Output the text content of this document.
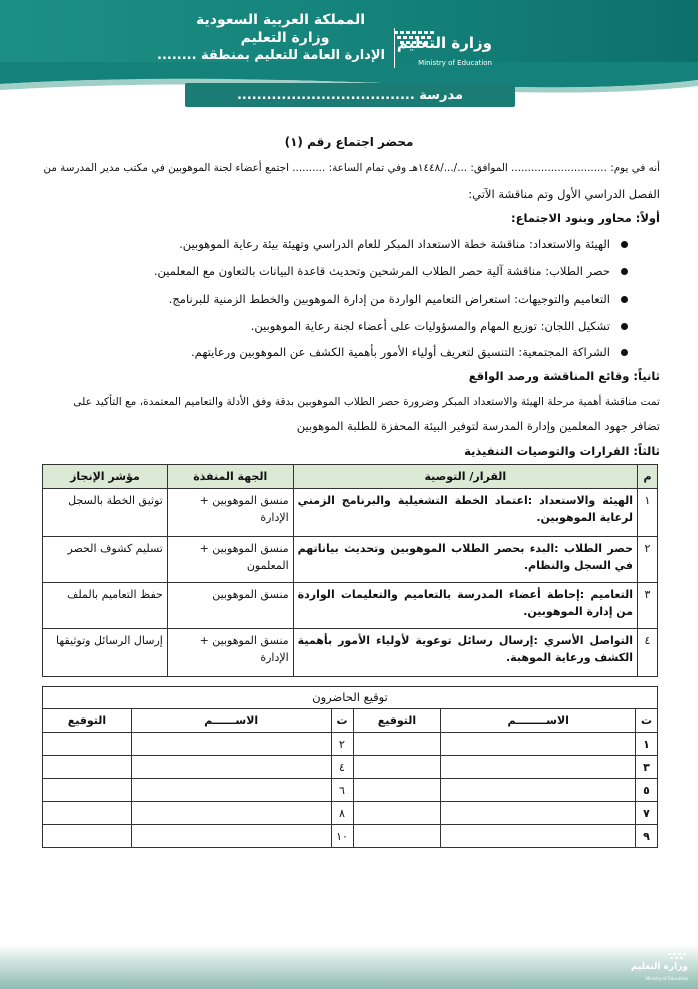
المملكة العربية السعودية
وزارة التعليم
الإدارة العامة للتعليم بمنطقة ........
وزارة التعليم
Ministry of Education
مدرسة ....................................
محضر اجتماع رقم (١)
أنه في يوم: ............................. الموافق: .../.../١٤٤٨هـ وفي تمام الساعة: .......... اجتمع أعضاء لجنة الموهوبين في مكتب مدير المدرسة من
الفصل الدراسي الأول وتم مناقشة الآتي:
أولاً: محاور وبنود الاجتماع:
الهيئة والاستعداد: مناقشة خطة الاستعداد المبكر للعام الدراسي وتهيئة بيئة رعاية الموهوبين.
حصر الطلاب: مناقشة آلية حصر الطلاب المرشحين وتحديث قاعدة البيانات بالتعاون مع المعلمين.
التعاميم والتوجيهات: استعراض التعاميم الواردة من إدارة الموهوبين والخطط الزمنية للبرنامج.
تشكيل اللجان: توزيع المهام والمسؤوليات على أعضاء لجنة رعاية الموهوبين.
الشراكة المجتمعية: التنسيق لتعريف أولياء الأمور بأهمية الكشف عن الموهوبين ورعايتهم.
ثانياً: وقائع المناقشة ورصد الواقع
تمت مناقشة أهمية مرحلة الهيئة والاستعداد المبكر وضرورة حصر الطلاب الموهوبين بدقة وفق الأدلة والتعاميم المعتمدة، مع التأكيد على
تضافر جهود المعلمين وإدارة المدرسة لتوفير البيئة المحفزة للطلبة الموهوبين
ثالثاً: القرارات والتوصيات التنفيذية
م	القرار/ التوصية	الجهة المنفذة	مؤشر الإنجاز
١	الهيئة والاستعداد :اعتماد الخطة التشغيلية والبرنامج الزمني لرعاية الموهوبين.	منسق الموهوبين + الإدارة	توثيق الخطة بالسجل
٢	حصر الطلاب :البدء بحصر الطلاب الموهوبين وتحديث بياناتهم في السجل والنظام.	منسق الموهوبين + المعلمون	تسليم كشوف الحصر
٣	التعاميم :إحاطة أعضاء المدرسة بالتعاميم والتعليمات الواردة من إدارة الموهوبين.	منسق الموهوبين	حفظ التعاميم بالملف
٤	التواصل الأسري :إرسال رسائل توعوية لأولياء الأمور بأهمية الكشف ورعاية الموهبة.	منسق الموهوبين + الإدارة	إرسال الرسائل وتوثيقها
توقيع الحاضرون					
ت	الاســــــــم	التوقيع	ت	الاســــــم	التوقيع
١			٢		
٣			٤		
٥			٦		
٧			٨		
٩			١٠		
وزارة التعليم
Ministry of Education
